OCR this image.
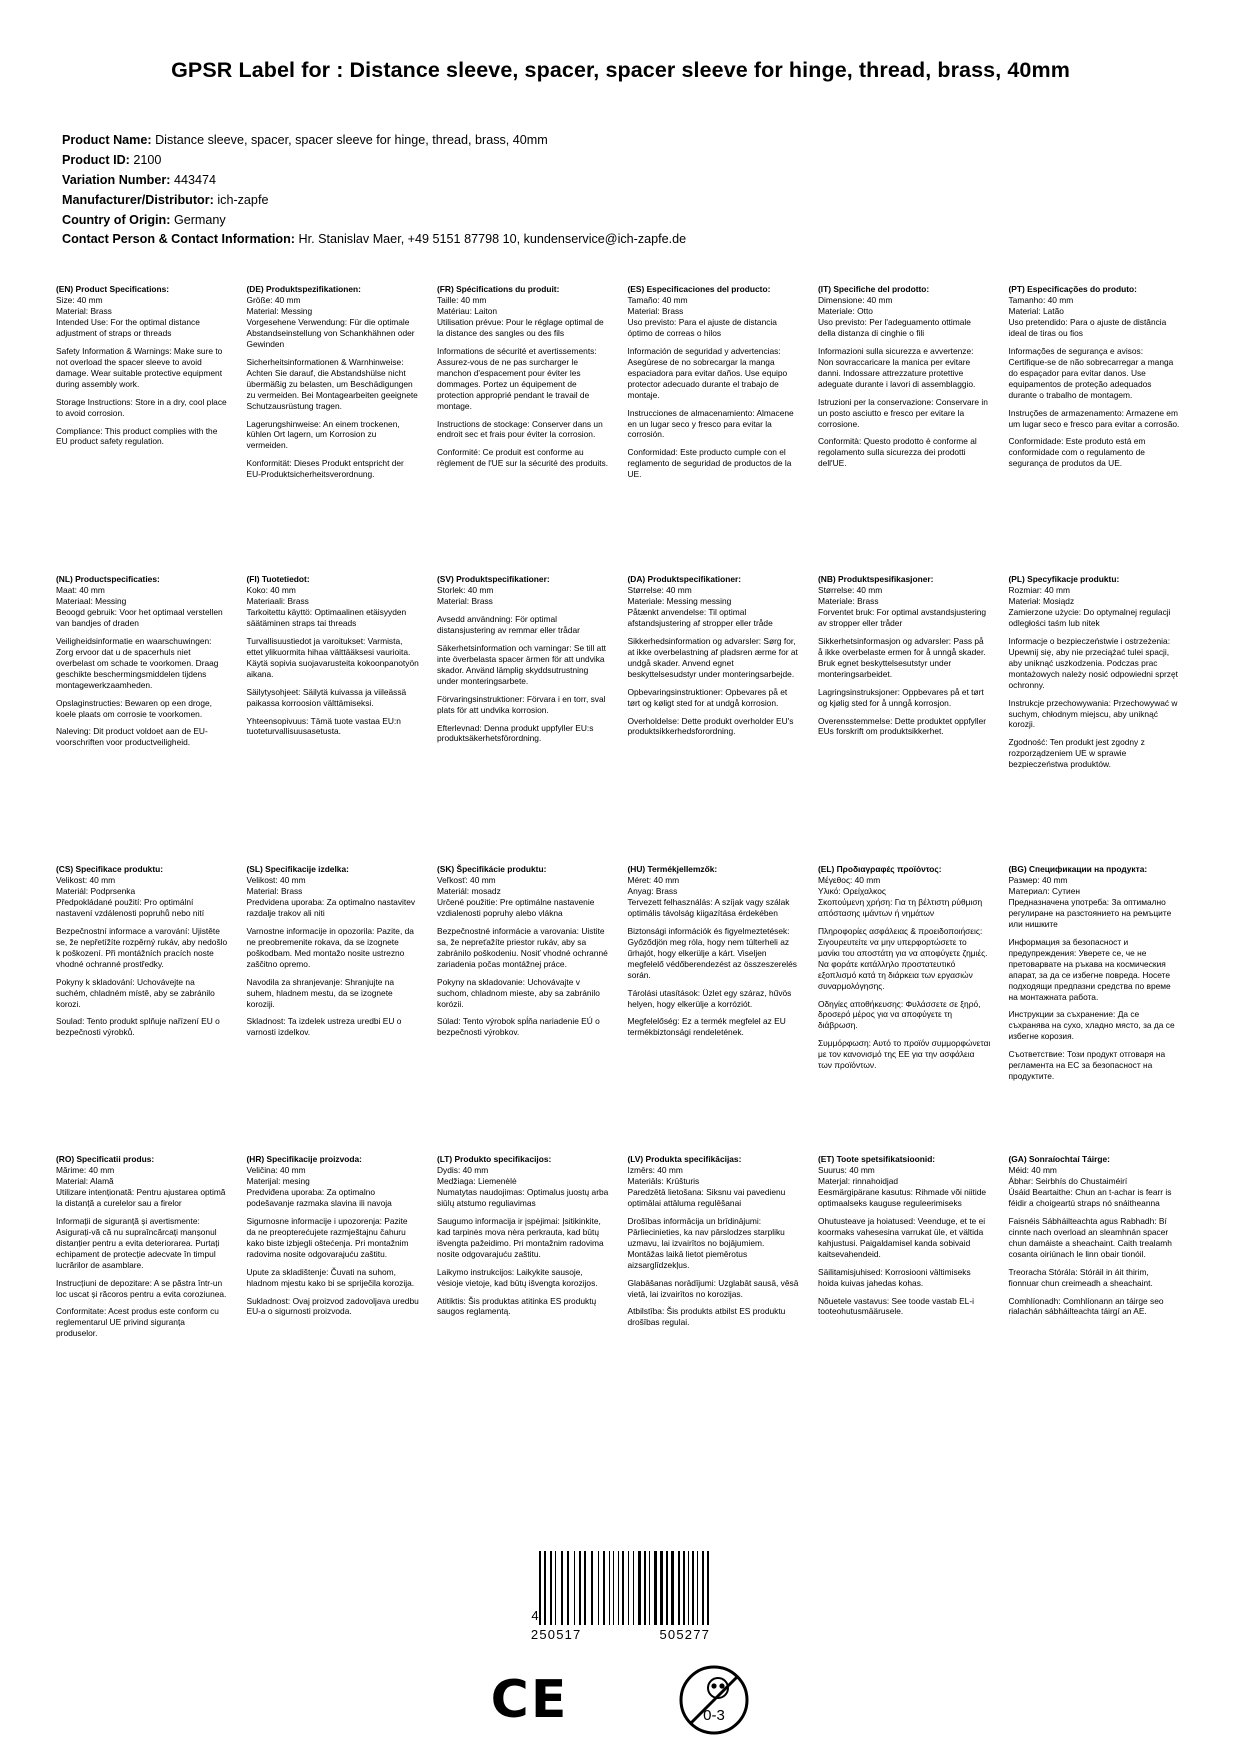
GPSR Label for : Distance sleeve, spacer, spacer sleeve for hinge, thread, brass, 40mm
Product Name: Distance sleeve, spacer, spacer sleeve for hinge, thread, brass, 40mm
Product ID: 2100
Variation Number: 443474
Manufacturer/Distributor: ich-zapfe
Country of Origin: Germany
Contact Person & Contact Information: Hr. Stanislav Maer, +49 5151 87798 10, kundenservice@ich-zapfe.de
(EN) Product Specifications:

Size: 40 mm
Material: Brass
Intended Use: For the optimal distance adjustment of straps or threads
Safety Information & Warnings: Make sure to not overload the spacer sleeve to avoid damage. Wear suitable protective equipment during assembly work.
Storage Instructions: Store in a dry, cool place to avoid corrosion.
Compliance: This product complies with the EU product safety regulation.

(DE) Produktspezifikationen:

Größe: 40 mm
Material: Messing
Vorgesehene Verwendung: Für die optimale Abstandseinstellung von Schankhähnen oder Gewinden
Sicherheitsinformationen & Warnhinweise: Achten Sie darauf, die Abstandshülse nicht übermäßig zu belasten, um Beschädigungen zu vermeiden. Bei Montagearbeiten geeignete Schutzausrüstung tragen.
Lagerungshinweise: An einem trockenen, kühlen Ort lagern, um Korrosion zu vermeiden.
Konformität: Dieses Produkt entspricht der EU-Produktsicherheitsverordnung.

(FR) Spécifications du produit:

Taille: 40 mm
Matériau: Laiton
Utilisation prévue: Pour le réglage optimal de la distance des sangles ou des fils
Informations de sécurité et avertissements: Assurez-vous de ne pas surcharger le manchon d'espacement pour éviter les dommages. Portez un équipement de protection approprié pendant le travail de montage.
Instructions de stockage: Conserver dans un endroit sec et frais pour éviter la corrosion.
Conformité: Ce produit est conforme au règlement de l'UE sur la sécurité des produits.

(ES) Especificaciones del producto:

Tamaño: 40 mm
Material: Brass
Uso previsto: Para el ajuste de distancia óptimo de correas o hilos
Información de seguridad y advertencias: Asegúrese de no sobrecargar la manga espaciadora para evitar daños. Use equipo protector adecuado durante el trabajo de montaje.
Instrucciones de almacenamiento: Almacene en un lugar seco y fresco para evitar la corrosión.
Conformidad: Este producto cumple con el reglamento de seguridad de productos de la UE.

(IT) Specifiche del prodotto:

Dimensione: 40 mm
Materiale: Otto
Uso previsto: Per l'adeguamento ottimale della distanza di cinghie o fili
Informazioni sulla sicurezza e avvertenze: Non sovraccaricare la manica per evitare danni. Indossare attrezzature protettive adeguate durante i lavori di assemblaggio.
Istruzioni per la conservazione: Conservare in un posto asciutto e fresco per evitare la corrosione.
Conformità: Questo prodotto è conforme al regolamento sulla sicurezza dei prodotti dell'UE.

(PT) Especificações do produto:

Tamanho: 40 mm
Material: Latão
Uso pretendido: Para o ajuste de distância ideal de tiras ou fios
Informações de segurança e avisos: Certifique-se de não sobrecarregar a manga do espaçador para evitar danos. Use equipamentos de proteção adequados durante o trabalho de montagem.
Instruções de armazenamento: Armazene em um lugar seco e fresco para evitar a corrosão.
Conformidade: Este produto está em conformidade com o regulamento de segurança de produtos da UE.

(NL) Productspecificaties:

Maat: 40 mm
Materiaal: Messing
Beoogd gebruik: Voor het optimaal verstellen van bandjes of draden
Veiligheidsinformatie en waarschuwingen: Zorg ervoor dat u de spacerhuls niet overbelast om schade te voorkomen. Draag geschikte beschermingsmiddelen tijdens montagewerkzaamheden.
Opslaginstructies: Bewaren op een droge, koele plaats om corrosie te voorkomen.
Naleving: Dit product voldoet aan de EU-voorschriften voor productveiligheid.

(FI) Tuotetiedot:

Koko: 40 mm
Materiaali: Brass
Tarkoitettu käyttö: Optimaalinen etäisyyden säätäminen straps tai threads
Turvallisuustiedot ja varoitukset: Varmista, ettet ylikuormita hihaa välttääksesi vaurioita. Käytä sopivia suojavarusteita kokoonpanotyön aikana.
Säilytysohjeet: Säilytä kuivassa ja viileässä paikassa korroosion välttämiseksi.
Yhteensopivuus: Tämä tuote vastaa EU:n tuoteturvallisuusasetusta.

(SV) Produktspecifikationer:

Storlek: 40 mm
Material: Brass
Avsedd användning: För optimal distansjustering av remmar eller trådar
Säkerhetsinformation och varningar: Se till att inte överbelasta spacer ärmen för att undvika skador. Använd lämplig skyddsutrustning under monteringsarbete.
Förvaringsinstruktioner: Förvara i en torr, sval plats för att undvika korrosion.
Efterlevnad: Denna produkt uppfyller EU:s produktsäkerhetsförordning.

(DA) Produktspecifikationer:

Størrelse: 40 mm
Materiale: Messing messing
Påtænkt anvendelse: Til optimal afstandsjustering af stropper eller tråde
Sikkerhedsinformation og advarsler: Sørg for, at ikke overbelastning af pladsren ærme for at undgå skader. Anvend egnet beskyttelsesudstyr under monteringsarbejde.
Opbevaringsinstruktioner: Opbevares på et tørt og køligt sted for at undgå korrosion.
Overholdelse: Dette produkt overholder EU's produktsikkerhedsforordning.

(NB) Produktspesifikasjoner:

Størrelse: 40 mm
Materiale: Brass
Forventet bruk: For optimal avstandsjustering av stropper eller tråder
Sikkerhetsinformasjon og advarsler: Pass på å ikke overbelaste ermen for å unngå skader. Bruk egnet beskyttelsesutstyr under monteringsarbeidet.
Lagringsinstruksjoner: Oppbevares på et tørt og kjølig sted for å unngå korrosjon.
Overensstemmelse: Dette produktet oppfyller EUs forskrift om produktsikkerhet.

(PL) Specyfikacje produktu:

Rozmiar: 40 mm
Materiał: Mosiądz
Zamierzone użycie: Do optymalnej regulacji odległości taśm lub nitek
Informacje o bezpieczeństwie i ostrzeżenia: Upewnij się, aby nie przeciążać tulei spacji, aby uniknąć uszkodzenia. Podczas prac montażowych należy nosić odpowiedni sprzęt ochronny.
Instrukcje przechowywania: Przechowywać w suchym, chłodnym miejscu, aby uniknąć korozji.
Zgodność: Ten produkt jest zgodny z rozporządzeniem UE w sprawie bezpieczeństwa produktów.

(CS) Specifikace produktu:

Velikost: 40 mm
Materiál: Podprsenka
Předpokládané použití: Pro optimální nastavení vzdálenosti popruhů nebo nití
Bezpečnostní informace a varování: Ujistěte se, že nepřetížíte rozpěrný rukáv, aby nedošlo k poškození. Při montážních pracích noste vhodné ochranné prostředky.
Pokyny k skladování: Uchovávejte na suchém, chladném místě, aby se zabránilo korozi.
Soulad: Tento produkt splňuje nařízení EU o bezpečnosti výrobků.

(SL) Specifikacije izdelka:

Velikost: 40 mm
Material: Brass
Predvidena uporaba: Za optimalno nastavitev razdalje trakov ali niti
Varnostne informacije in opozorila: Pazite, da ne preobremenite rokava, da se izognete poškodbam. Med montažo nosite ustrezno zaščitno opremo.
Navodila za shranjevanje: Shranjujte na suhem, hladnem mestu, da se izognete koroziji.
Skladnost: Ta izdelek ustreza uredbi EU o varnosti izdelkov.

(SK) Špecifikácie produktu:

Veľkosť: 40 mm
Materiál: mosadz
Určené použitie: Pre optimálne nastavenie vzdialenosti popruhy alebo vlákna
Bezpečnostné informácie a varovania: Uistite sa, že nepreťažíte priestor rukáv, aby sa zabránilo poškodeniu. Nosiť vhodné ochranné zariadenia počas montážnej práce.
Pokyny na skladovanie: Uchovávajte v suchom, chladnom mieste, aby sa zabránilo korózii.
Súlad: Tento výrobok spĺňa nariadenie EÚ o bezpečnosti výrobkov.

(HU) Termékjellemzők:

Méret: 40 mm
Anyag: Brass
Tervezett felhasználás: A szíjak vagy szálak optimális távolság kiigazítása érdekében
Biztonsági információk és figyelmeztetések: Győződjön meg róla, hogy nem túlterheli az űrhajót, hogy elkerülje a kárt. Viseljen megfelelő védőberendezést az összeszerelés során.
Tárolási utasítások: Üzlet egy száraz, hűvös helyen, hogy elkerülje a korróziót.
Megfelelőség: Ez a termék megfelel az EU termékbiztonsági rendeletének.

(EL) Προδιαγραφές προϊόντος:

Μέγεθος: 40 mm
Υλικό: Ορείχαλκος
Σκοπούμενη χρήση: Για τη βέλτιστη ρύθμιση απόστασης ιμάντων ή νημάτων
Πληροφορίες ασφάλειας & προειδοποιήσεις: Σιγουρευτείτε να μην υπερφορτώσετε το μανίκι του αποστάτη για να αποφύγετε ζημιές. Να φοράτε κατάλληλο προστατευτικό εξοπλισμό κατά τη διάρκεια των εργασιών συναρμολόγησης.
Οδηγίες αποθήκευσης: Φυλάσσετε σε ξηρό, δροσερό μέρος για να αποφύγετε τη διάβρωση.
Συμμόρφωση: Αυτό το προϊόν συμμορφώνεται με τον κανονισμό της ΕΕ για την ασφάλεια των προϊόντων.

(BG) Спецификации на продукта:

Размер: 40 mm
Материал: Сутиен
Предназначена употреба: За оптимално регулиране на разстоянието на ремъците или нишките
Информация за безопасност и предупреждения: Уверете се, че не претоварвате на ръкава на космическия апарат, за да се избегне повреда. Носете подходящи предпазни средства по време на монтажната работа.
Инструкции за съхранение: Да се съхранява на сухо, хладно място, за да се избегне корозия.
Съответствие: Този продукт отговаря на регламента на ЕС за безопасност на продуктите.

(RO) Specificatii produs:

Mărime: 40 mm
Material: Alamă
Utilizare intenționată: Pentru ajustarea optimă la distanță a curelelor sau a firelor
Informații de siguranță și avertismente: Asigurați-vă că nu supraîncărcați manșonul distanțier pentru a evita deteriorarea. Purtați echipament de protecție adecvate în timpul lucrărilor de asamblare.
Instrucțiuni de depozitare: A se păstra într-un loc uscat și răcoros pentru a evita coroziunea.
Conformitate: Acest produs este conform cu reglementarul UE privind siguranța produselor.

(HR) Specifikacije proizvoda:

Veličina: 40 mm
Materijal: mesing
Predviđena uporaba: Za optimalno podešavanje razmaka slavina ili navoja
Sigurnosne informacije i upozorenja: Pazite da ne preopterećujete razmještajnu čahuru kako biste izbjegli oštećenja. Pri montažnim radovima nosite odgovarajuću zaštitu.
Upute za skladištenje: Čuvati na suhom, hladnom mjestu kako bi se spriječila korozija.
Sukladnost: Ovaj proizvod zadovoljava uredbu EU-a o sigurnosti proizvoda.

(LT) Produkto specifikacijos:

Dydis: 40 mm
Medžiaga: Liemenėlė
Numatytas naudojimas: Optimalus juostų arba siūlų atstumo reguliavimas
Saugumo informacija ir įspėjimai: Įsitikinkite, kad tarpinės mova nėra perkrauta, kad būtų išvengta pažeidimo. Pri montažnim radovima nosite odgovarajuću zaštitu.
Laikymo instrukcijos: Laikykite sausoje, vėsioje vietoje, kad būtų išvengta korozijos.
Atitiktis: Šis produktas atitinka ES produktų saugos reglamentą.

(LV) Produkta specifikācijas:

Izmērs: 40 mm
Materiāls: Krūšturis
Paredzētā lietošana: Siksnu vai pavedienu optimālai attāluma regulēšanai
Drošības informācija un brīdinājumi: Pārliecinieties, ka nav pārslodzes starpliku uzmavu, lai izvairītos no bojājumiem. Montāžas laikā lietot piemērotus aizsarglīdzekļus.
Glabāšanas norādījumi: Uzglabāt sausā, vēsā vietā, lai izvairītos no korozijas.
Atbilstība: Šis produkts atbilst ES produktu drošības regulai.

(ET) Toote spetsifikatsioonid:

Suurus: 40 mm
Materjal: rinnahoidjad
Eesmärgipärane kasutus: Rihmade või niitide optimaalseks kauguse reguleerimiseks
Ohutusteave ja hoiatused: Veenduge, et te ei koormaks vahesesina varrukat üle, et vältida kahjustusi. Paigaldamisel kanda sobivaid kaitsevahendeid.
Säilitamisjuhised: Korrosiooni vältimiseks hoida kuivas jahedas kohas.
Nõuetele vastavus: See toode vastab EL-i tooteohutusmäärusele.

(GA) Sonraíochtaí Táirge:

Méid: 40 mm
Ábhar: Seirbhís do Chustaiméirí
Úsáid Beartaithe: Chun an t-achar is fearr is féidir a choigeartú straps nó snáitheanna
Faisnéis Sábháilteachta agus Rabhadh: Bí cinnte nach overload an sleamhnán spacer chun damáiste a sheachaint. Caith trealamh cosanta oiriúnach le linn obair tionóil.
Treoracha Stórála: Stóráil in áit thirim, fionnuar chun creimeadh a sheachaint.
Comhlíonadh: Comhlíonann an táirge seo rialachán sábháilteachta táirgí an AE.

4
250517	505277
CE	0-3
